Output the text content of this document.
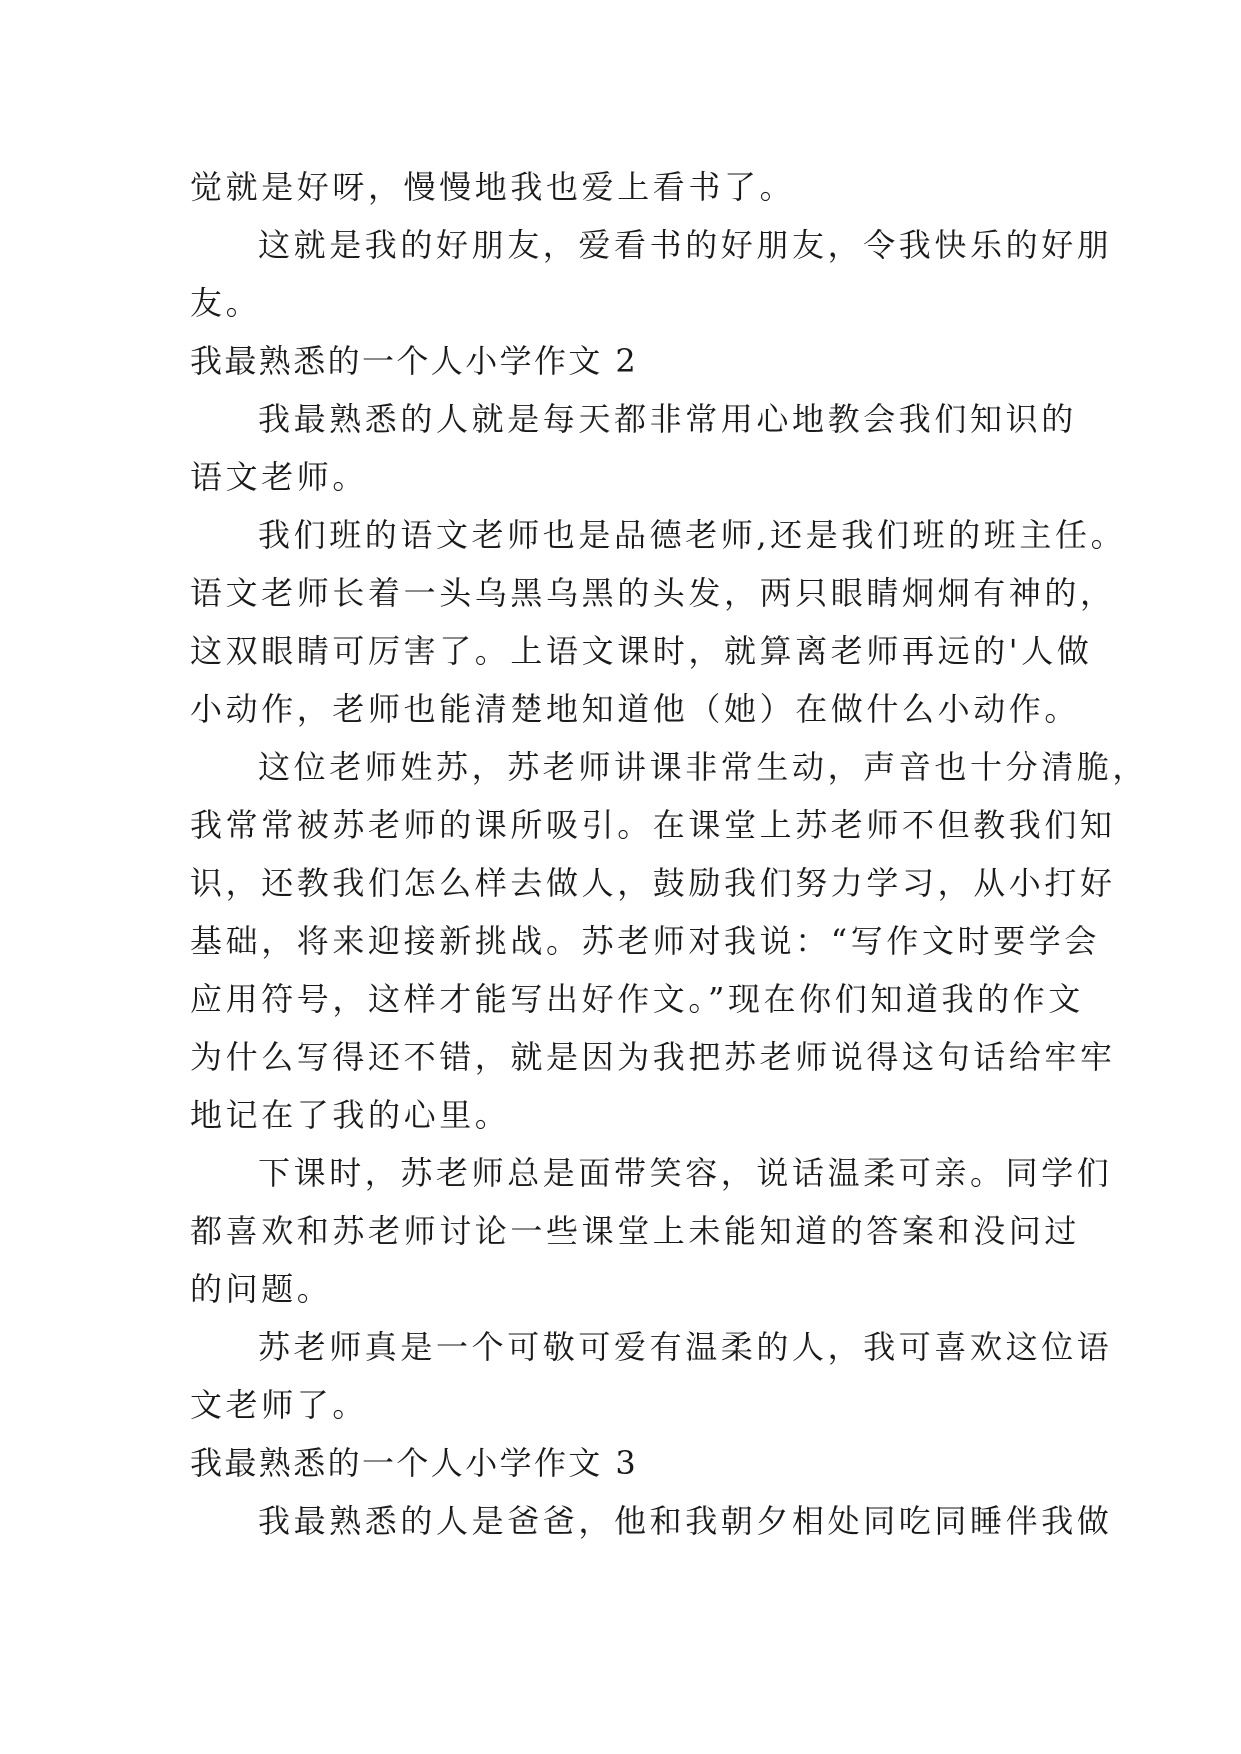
觉就是好呀，慢慢地我也爱上看书了。
这就是我的好朋友，爱看书的好朋友，令我快乐的好朋
友。
我最熟悉的一个人小学作文 2
我最熟悉的人就是每天都非常用心地教会我们知识的
语文老师。
我们班的语文老师也是品德老师,还是我们班的班主任。
语文老师长着一头乌黑乌黑的头发，两只眼睛炯炯有神的，
这双眼睛可厉害了。上语文课时，就算离老师再远的'人做
小动作，老师也能清楚地知道他（她）在做什么小动作。
这位老师姓苏，苏老师讲课非常生动，声音也十分清脆，
我常常被苏老师的课所吸引。在课堂上苏老师不但教我们知
识，还教我们怎么样去做人，鼓励我们努力学习，从小打好
基础，将来迎接新挑战。苏老师对我说：“写作文时要学会
应用符号，这样才能写出好作文。”现在你们知道我的作文
为什么写得还不错，就是因为我把苏老师说得这句话给牢牢
地记在了我的心里。
下课时，苏老师总是面带笑容，说话温柔可亲。同学们
都喜欢和苏老师讨论一些课堂上未能知道的答案和没问过
的问题。
苏老师真是一个可敬可爱有温柔的人，我可喜欢这位语
文老师了。
我最熟悉的一个人小学作文 3
我最熟悉的人是爸爸，他和我朝夕相处同吃同睡伴我做
